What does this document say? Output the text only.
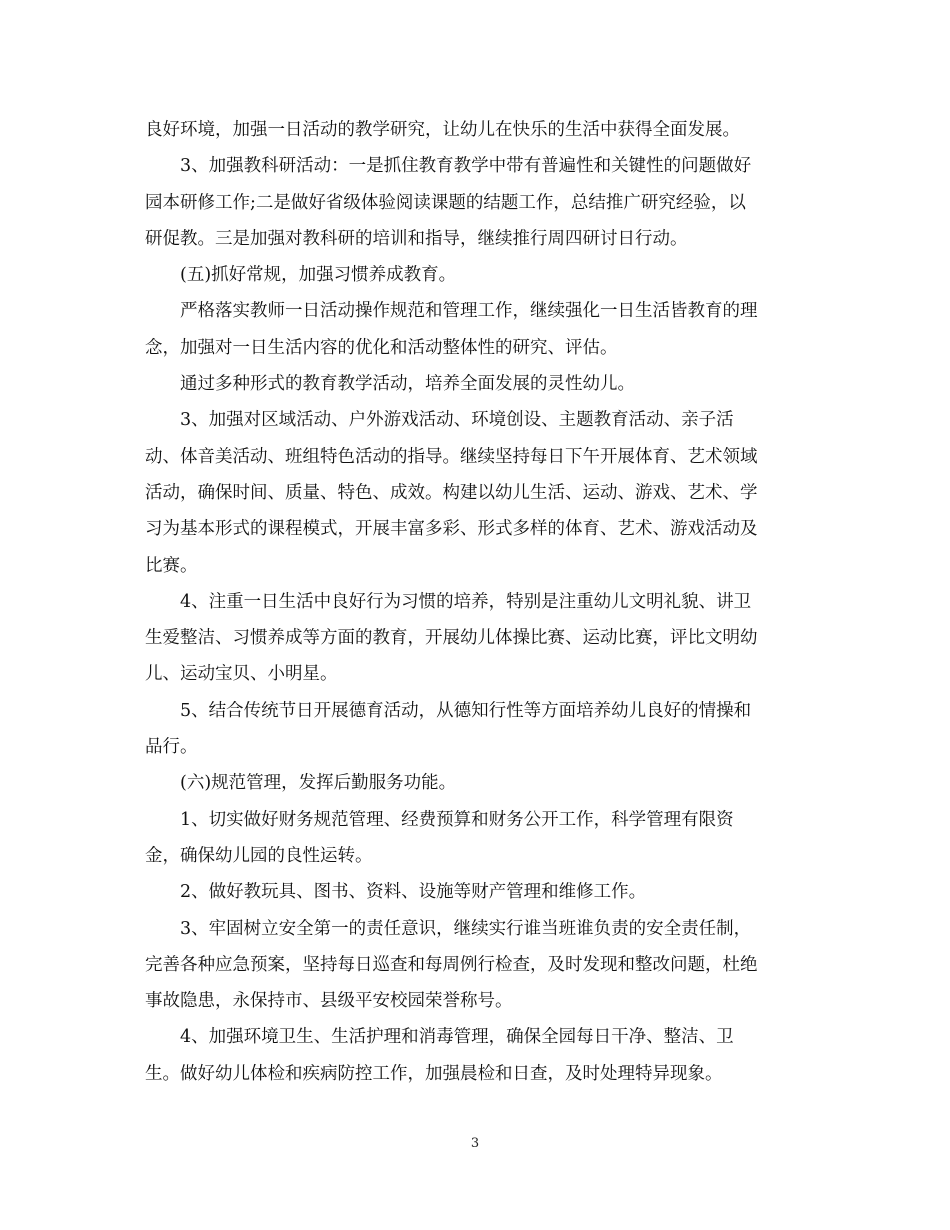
良好环境，加强一日活动的教学研究，让幼儿在快乐的生活中获得全面发展。
3、加强教科研活动：一是抓住教育教学中带有普遍性和关键性的问题做好
园本研修工作;二是做好省级体验阅读课题的结题工作，总结推广研究经验，以
研促教。三是加强对教科研的培训和指导，继续推行周四研讨日行动。
(五)抓好常规，加强习惯养成教育。
严格落实教师一日活动操作规范和管理工作，继续强化一日生活皆教育的理
念，加强对一日生活内容的优化和活动整体性的研究、评估。
通过多种形式的教育教学活动，培养全面发展的灵性幼儿。
3、加强对区域活动、户外游戏活动、环境创设、主题教育活动、亲子活
动、体音美活动、班组特色活动的指导。继续坚持每日下午开展体育、艺术领域
活动，确保时间、质量、特色、成效。构建以幼儿生活、运动、游戏、艺术、学
习为基本形式的课程模式，开展丰富多彩、形式多样的体育、艺术、游戏活动及
比赛。
4、注重一日生活中良好行为习惯的培养，特别是注重幼儿文明礼貌、讲卫
生爱整洁、习惯养成等方面的教育，开展幼儿体操比赛、运动比赛，评比文明幼
儿、运动宝贝、小明星。
5、结合传统节日开展德育活动，从德知行性等方面培养幼儿良好的情操和
品行。
(六)规范管理，发挥后勤服务功能。
1、切实做好财务规范管理、经费预算和财务公开工作，科学管理有限资
金，确保幼儿园的良性运转。
2、做好教玩具、图书、资料、设施等财产管理和维修工作。
3、牢固树立安全第一的责任意识，继续实行谁当班谁负责的安全责任制，
完善各种应急预案，坚持每日巡查和每周例行检查，及时发现和整改问题，杜绝
事故隐患，永保持市、县级平安校园荣誉称号。
4、加强环境卫生、生活护理和消毒管理，确保全园每日干净、整洁、卫
生。做好幼儿体检和疾病防控工作，加强晨检和日查，及时处理特异现象。
3
